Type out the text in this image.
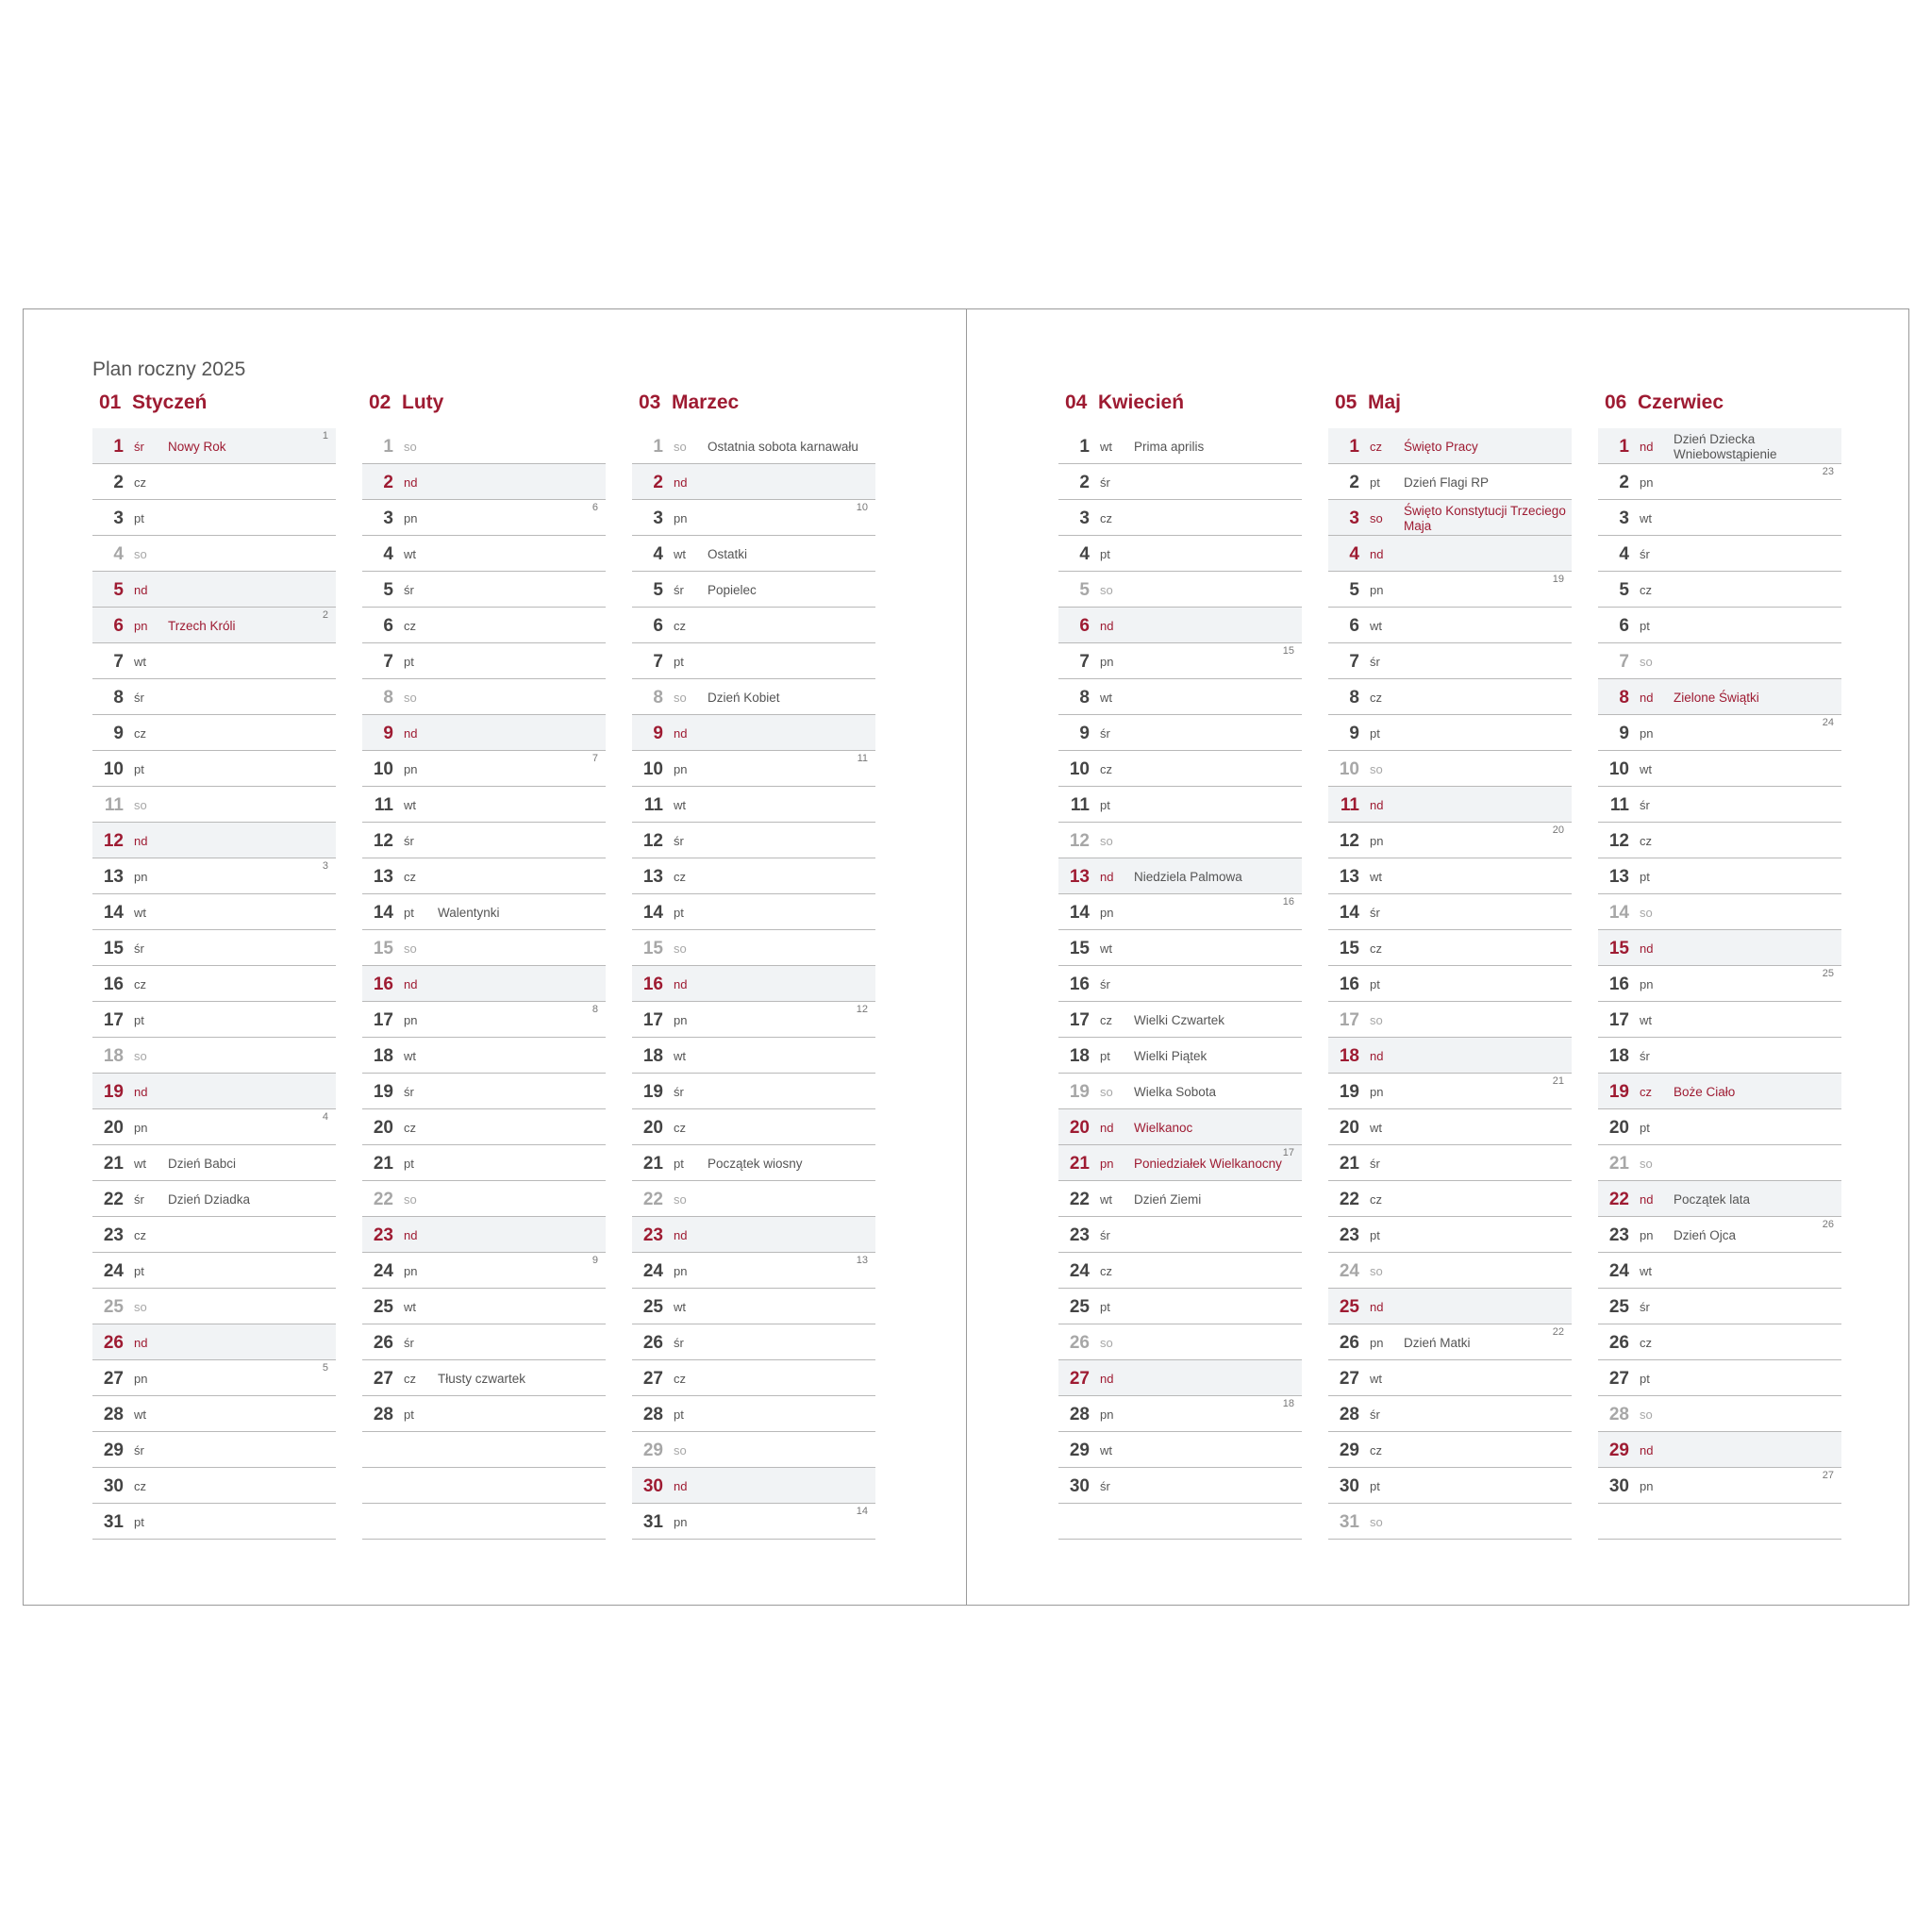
Plan roczny 2025
01 Styczeń
1 śr Nowy Rok
1
2 cz
3 pt
4 so
5 nd
6 pn Trzech Króli
2
7 wt
8 śr
9 cz
10 pt
11 so
12 nd
13 pn
3
14 wt
15 śr
16 cz
17 pt
18 so
19 nd
20 pn
4
21 wt Dzień Babci
22 śr Dzień Dziadka
23 cz
24 pt
25 so
26 nd
27 pn
5
28 wt
29 śr
30 cz
31 pt
02 Luty
1 so
2 nd
3 pn
6
4 wt
5 śr
6 cz
7 pt
8 so
9 nd
10 pn
7
11 wt
12 śr
13 cz
14 pt Walentynki
15 so
16 nd
17 pn
8
18 wt
19 śr
20 cz
21 pt
22 so
23 nd
24 pn
9
25 wt
26 śr
27 cz Tłusty czwartek
28 pt
03 Marzec
1 so Ostatnia sobota karnawału
2 nd
3 pn
10
4 wt Ostatki
5 śr Popielec
6 cz
7 pt
8 so Dzień Kobiet
9 nd
10 pn
11
11 wt
12 śr
13 cz
14 pt
15 so
16 nd
17 pn
12
18 wt
19 śr
20 cz
21 pt Początek wiosny
22 so
23 nd
24 pn
13
25 wt
26 śr
27 cz
28 pt
29 so
30 nd
31 pn
14
04 Kwiecień
1 wt Prima aprilis
2 śr
3 cz
4 pt
5 so
6 nd
7 pn
15
8 wt
9 śr
10 cz
11 pt
12 so
13 nd Niedziela Palmowa
14 pn
16
15 wt
16 śr
17 cz Wielki Czwartek
18 pt Wielki Piątek
19 so Wielka Sobota
20 nd Wielkanoc
21 pn Poniedziałek Wielkanocny
17
22 wt Dzień Ziemi
23 śr
24 cz
25 pt
26 so
27 nd
28 pn
18
29 wt
30 śr
05 Maj
1 cz Święto Pracy
2 pt Dzień Flagi RP
3 so
Święto Konstytucji Trzeciego Maja
4 nd
5 pn
19
6 wt
7 śr
8 cz
9 pt
10 so
11 nd
12 pn
20
13 wt
14 śr
15 cz
16 pt
17 so
18 nd
19 pn
21
20 wt
21 śr
22 cz
23 pt
24 so
25 nd
26 pn Dzień Matki
22
27 wt
28 śr
29 cz
30 pt
31 so
06 Czerwiec
1 nd
Dzień Dziecka Wniebowstąpienie
2 pn
23
3 wt
4 śr
5 cz
6 pt
7 so
8 nd Zielone Świątki
9 pn
24
10 wt
11 śr
12 cz
13 pt
14 so
15 nd
16 pn
25
17 wt
18 śr
19 cz Boże Ciało
20 pt
21 so
22 nd Początek lata
23 pn Dzień Ojca
26
24 wt
25 śr
26 cz
27 pt
28 so
29 nd
30 pn
27
